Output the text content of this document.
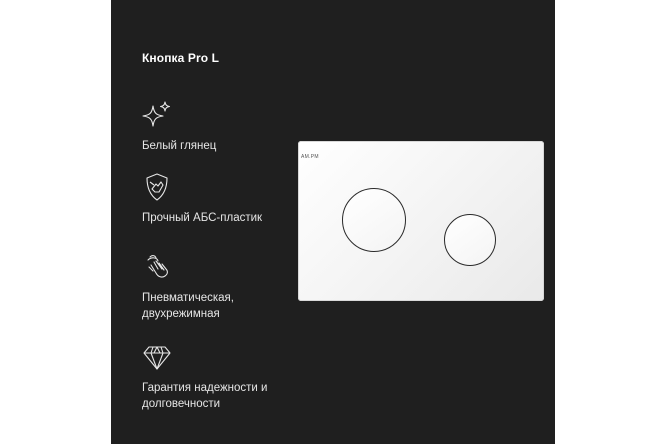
Кнопка Pro L
Белый глянец
Прочный АБС-пластик
Пневматическая,
двухрежимная
Гарантия надежности и
долговечности
AM.PM
